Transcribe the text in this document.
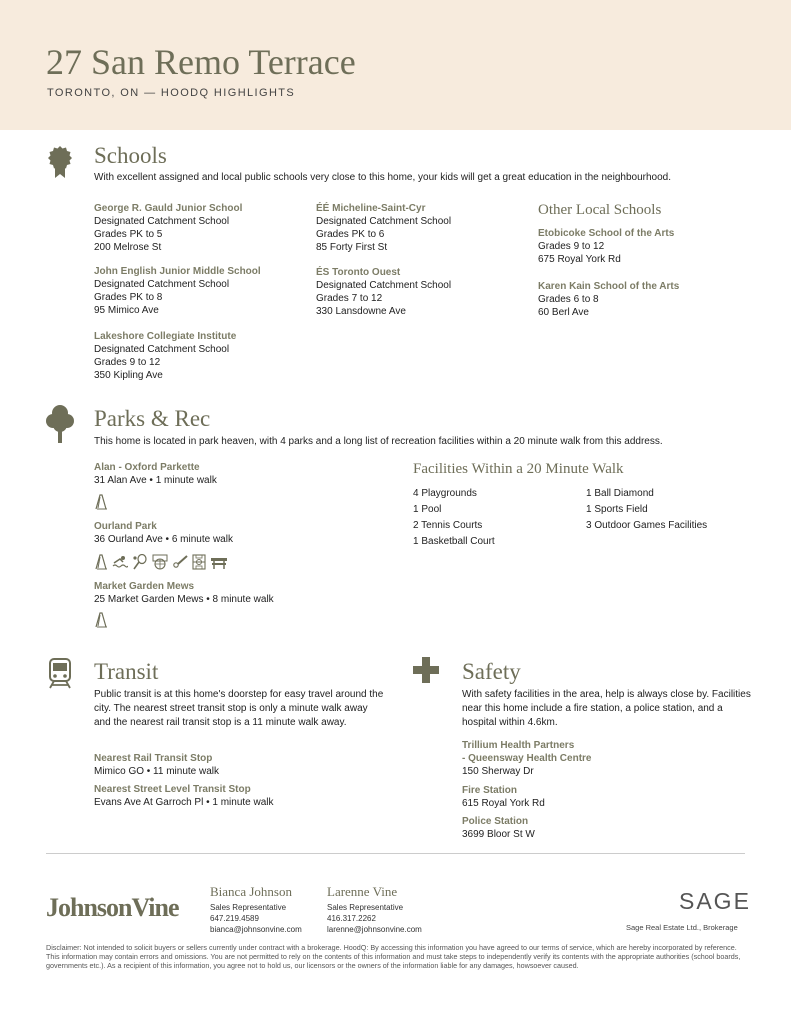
27 San Remo Terrace
TORONTO, ON — HOODQ HIGHLIGHTS
Schools
With excellent assigned and local public schools very close to this home, your kids will get a great education in the neighbourhood.
George R. Gauld Junior School
Designated Catchment School
Grades PK to 5
200 Melrose St
John English Junior Middle School
Designated Catchment School
Grades PK to 8
95 Mimico Ave
Lakeshore Collegiate Institute
Designated Catchment School
Grades 9 to 12
350 Kipling Ave
ÉÉ Micheline-Saint-Cyr
Designated Catchment School
Grades PK to 6
85 Forty First St
ÉS Toronto Ouest
Designated Catchment School
Grades 7 to 12
330 Lansdowne Ave
Other Local Schools
Etobicoke School of the Arts
Grades 9 to 12
675 Royal York Rd
Karen Kain School of the Arts
Grades 6 to 8
60 Berl Ave
Parks & Rec
This home is located in park heaven, with 4 parks and a long list of recreation facilities within a 20 minute walk from this address.
Alan - Oxford Parkette
31 Alan Ave • 1 minute walk
Ourland Park
36 Ourland Ave • 6 minute walk
Market Garden Mews
25 Market Garden Mews • 8 minute walk
Facilities Within a 20 Minute Walk
4 Playgrounds
1 Pool
2 Tennis Courts
1 Basketball Court
1 Ball Diamond
1 Sports Field
3 Outdoor Games Facilities
Transit
Public transit is at this home's doorstep for easy travel around the city. The nearest street transit stop is only a minute walk away and the nearest rail transit stop is a 11 minute walk away.
Nearest Rail Transit Stop
Mimico GO • 11 minute walk
Nearest Street Level Transit Stop
Evans Ave At Garroch Pl • 1 minute walk
Safety
With safety facilities in the area, help is always close by. Facilities near this home include a fire station, a police station, and a hospital within 4.6km.
Trillium Health Partners
- Queensway Health Centre
150 Sherway Dr
Fire Station
615 Royal York Rd
Police Station
3699 Bloor St W
JohnsonVine
Bianca Johnson
Sales Representative
647.219.4589
bianca@johnsonvine.com
Larenne Vine
Sales Representative
416.317.2262
larenne@johnsonvine.com
SAGE
Sage Real Estate Ltd., Brokerage
Disclaimer: Not intended to solicit buyers or sellers currently under contract with a brokerage. HoodQ: By accessing this information you have agreed to our terms of service, which are hereby incorporated by reference. This information may contain errors and omissions. You are not permitted to rely on the contents of this information and must take steps to independently verify its contents with the appropriate authorities (school boards, governments etc.). As a recipient of this information, you agree not to hold us, our licensors or the owners of the information liable for any damages, howsoever caused.
